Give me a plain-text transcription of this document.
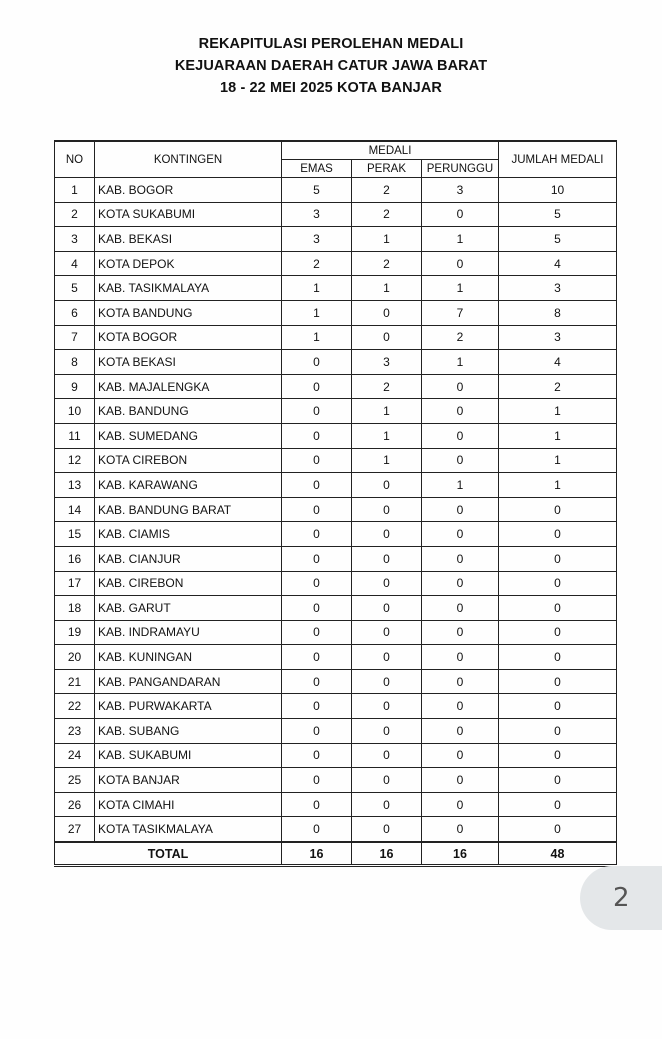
REKAPITULASI PEROLEHAN MEDALI
KEJUARAAN DAERAH CATUR JAWA BARAT
18 - 22 MEI 2025 KOTA BANJAR
NO	KONTINGEN	MEDALI			JUMLAH MEDALI
		EMAS	PERAK	PERUNGGU	
1	KAB. BOGOR	5	2	3	10
2	KOTA SUKABUMI	3	2	0	5
3	KAB. BEKASI	3	1	1	5
4	KOTA DEPOK	2	2	0	4
5	KAB. TASIKMALAYA	1	1	1	3
6	KOTA BANDUNG	1	0	7	8
7	KOTA BOGOR	1	0	2	3
8	KOTA BEKASI	0	3	1	4
9	KAB. MAJALENGKA	0	2	0	2
10	KAB. BANDUNG	0	1	0	1
11	KAB. SUMEDANG	0	1	0	1
12	KOTA CIREBON	0	1	0	1
13	KAB. KARAWANG	0	0	1	1
14	KAB. BANDUNG BARAT	0	0	0	0
15	KAB. CIAMIS	0	0	0	0
16	KAB. CIANJUR	0	0	0	0
17	KAB. CIREBON	0	0	0	0
18	KAB. GARUT	0	0	0	0
19	KAB. INDRAMAYU	0	0	0	0
20	KAB. KUNINGAN	0	0	0	0
21	KAB. PANGANDARAN	0	0	0	0
22	KAB. PURWAKARTA	0	0	0	0
23	KAB. SUBANG	0	0	0	0
24	KAB. SUKABUMI	0	0	0	0
25	KOTA BANJAR	0	0	0	0
26	KOTA CIMAHI	0	0	0	0
27	KOTA TASIKMALAYA	0	0	0	0
TOTAL		16	16	16	48
2
